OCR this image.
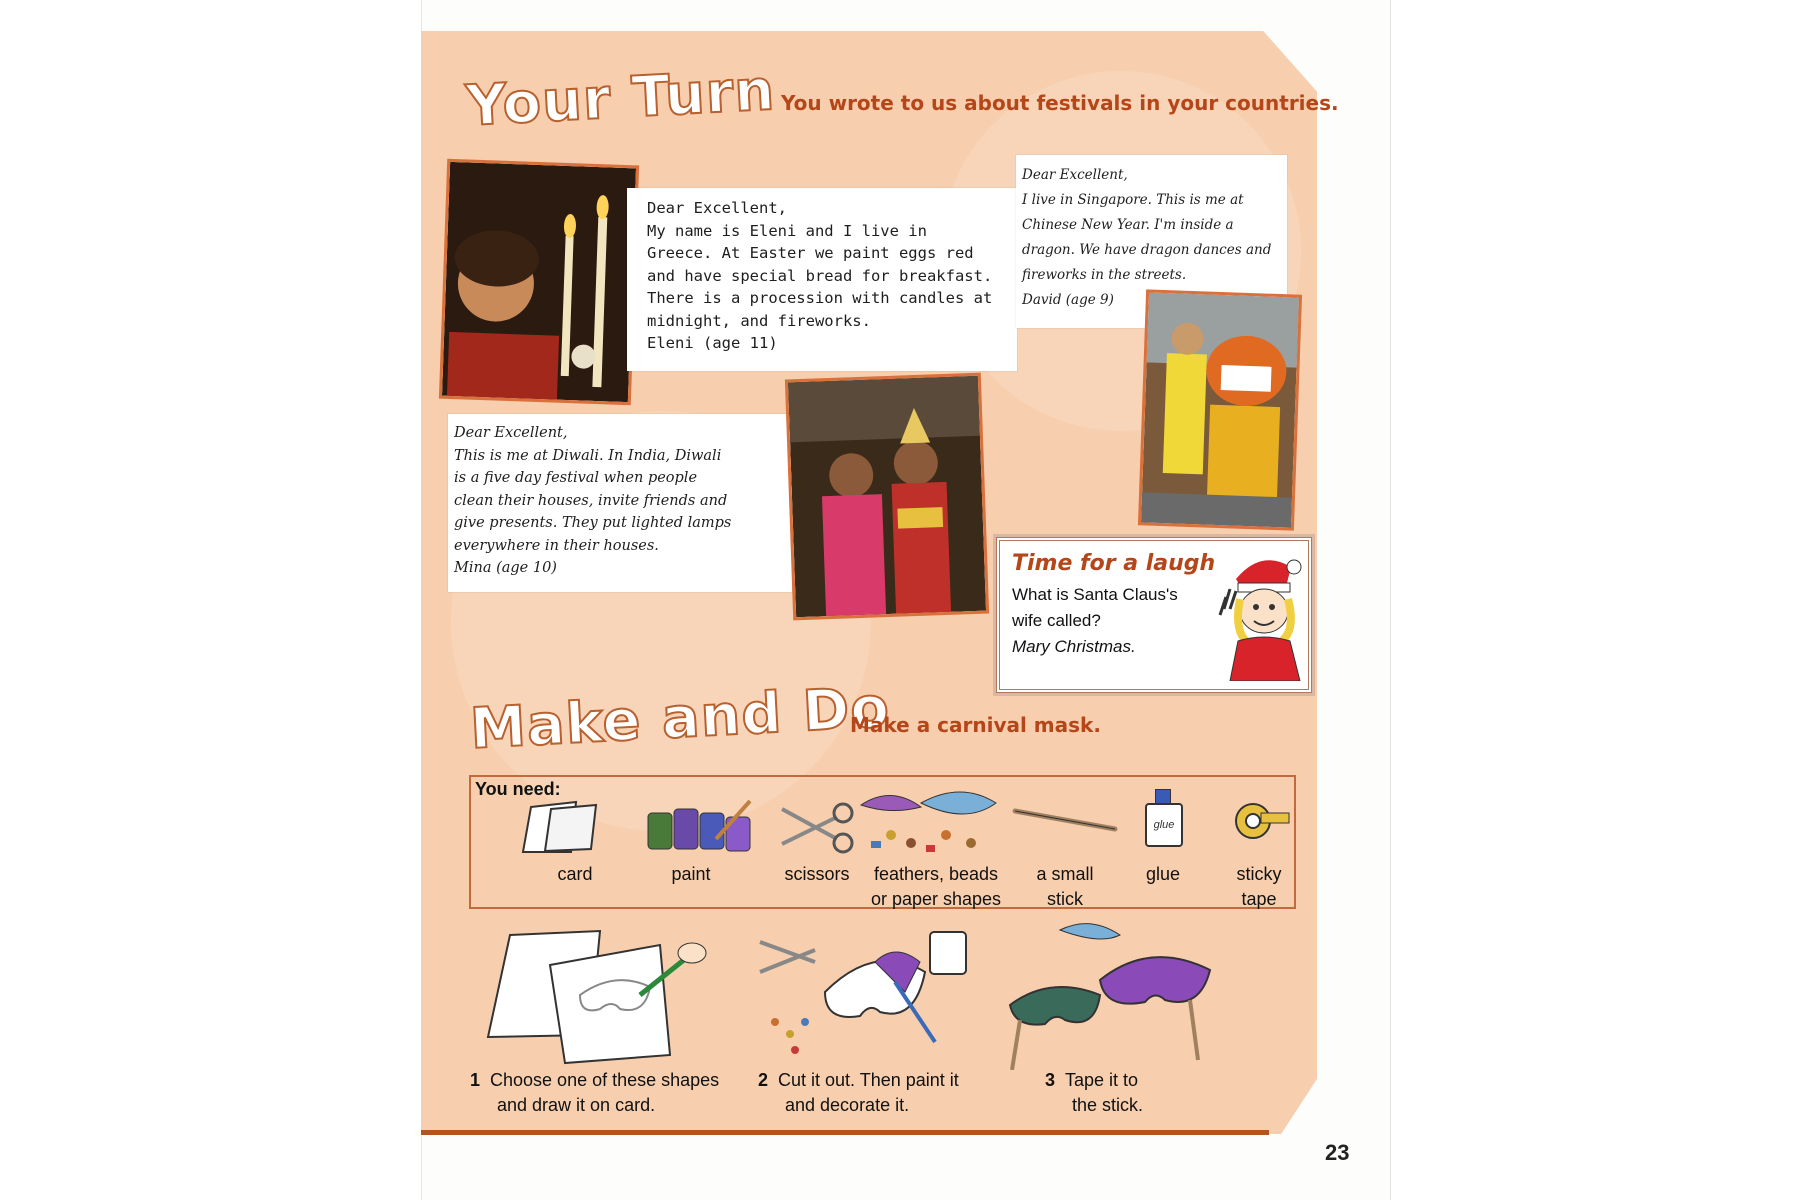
Your Turn You wrote to us about festivals in your countries.
Dear Excellent,
My name is Eleni and I live in
Greece. At Easter we paint eggs red
and have special bread for breakfast.
There is a procession with candles at
midnight, and fireworks.
Eleni (age 11)
Dear Excellent,
I live in Singapore. This is me at
Chinese New Year. I'm inside a
dragon. We have dragon dances and
fireworks in the streets.
David (age 9)
Dear Excellent,
This is me at Diwali. In India, Diwali
is a five day festival when people
clean their houses, invite friends and
give presents. They put lighted lamps
everywhere in their houses.
Mina (age 10)	Time for a laugh
What is Santa Claus's
wife called?
Mary Christmas.
Make and Do
Make a carnival mask.
You need:
glue
card	paint	scissors	feathers, beads
or paper shapes
a small
stick
glue	sticky
tape
1 Choose one of these shapes
and draw it on card.
2 Cut it out. Then paint it
and decorate it.
3 Tape it to
the stick.
23
